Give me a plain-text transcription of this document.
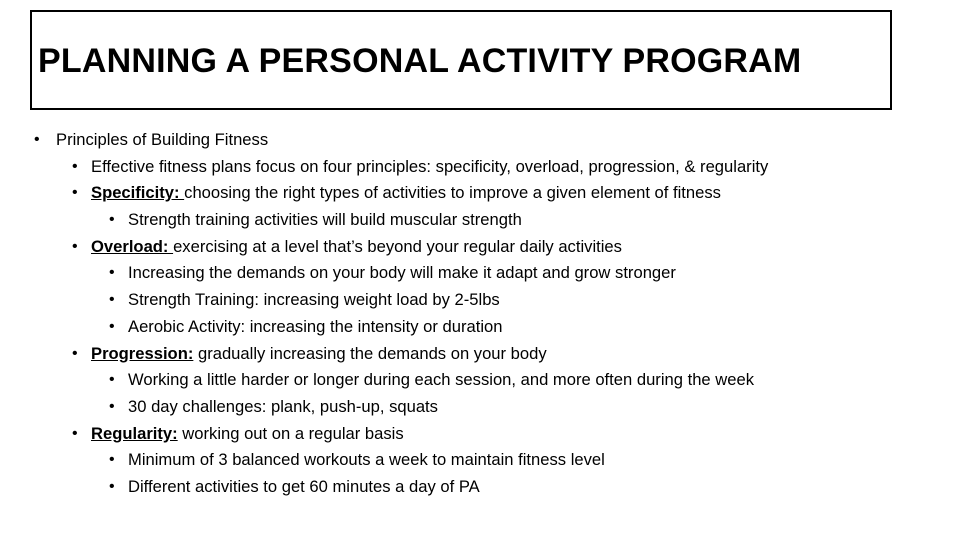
PLANNING A PERSONAL ACTIVITY PROGRAM
• Principles of Building Fitness
• Effective fitness plans focus on four principles: specificity, overload, progression, & regularity
• Specificity: choosing the right types of activities to improve a given element of fitness
• Strength training activities will build muscular strength
• Overload: exercising at a level that’s beyond your regular daily activities
• Increasing the demands on your body will make it adapt and grow stronger
• Strength Training: increasing weight load by 2-5lbs
• Aerobic Activity: increasing the intensity or duration
• Progression: gradually increasing the demands on your body
• Working a little harder or longer during each session, and more often during the week
• 30 day challenges: plank, push-up, squats
• Regularity: working out on a regular basis
• Minimum of 3 balanced workouts a week to maintain fitness level
• Different activities to get 60 minutes a day of PA
